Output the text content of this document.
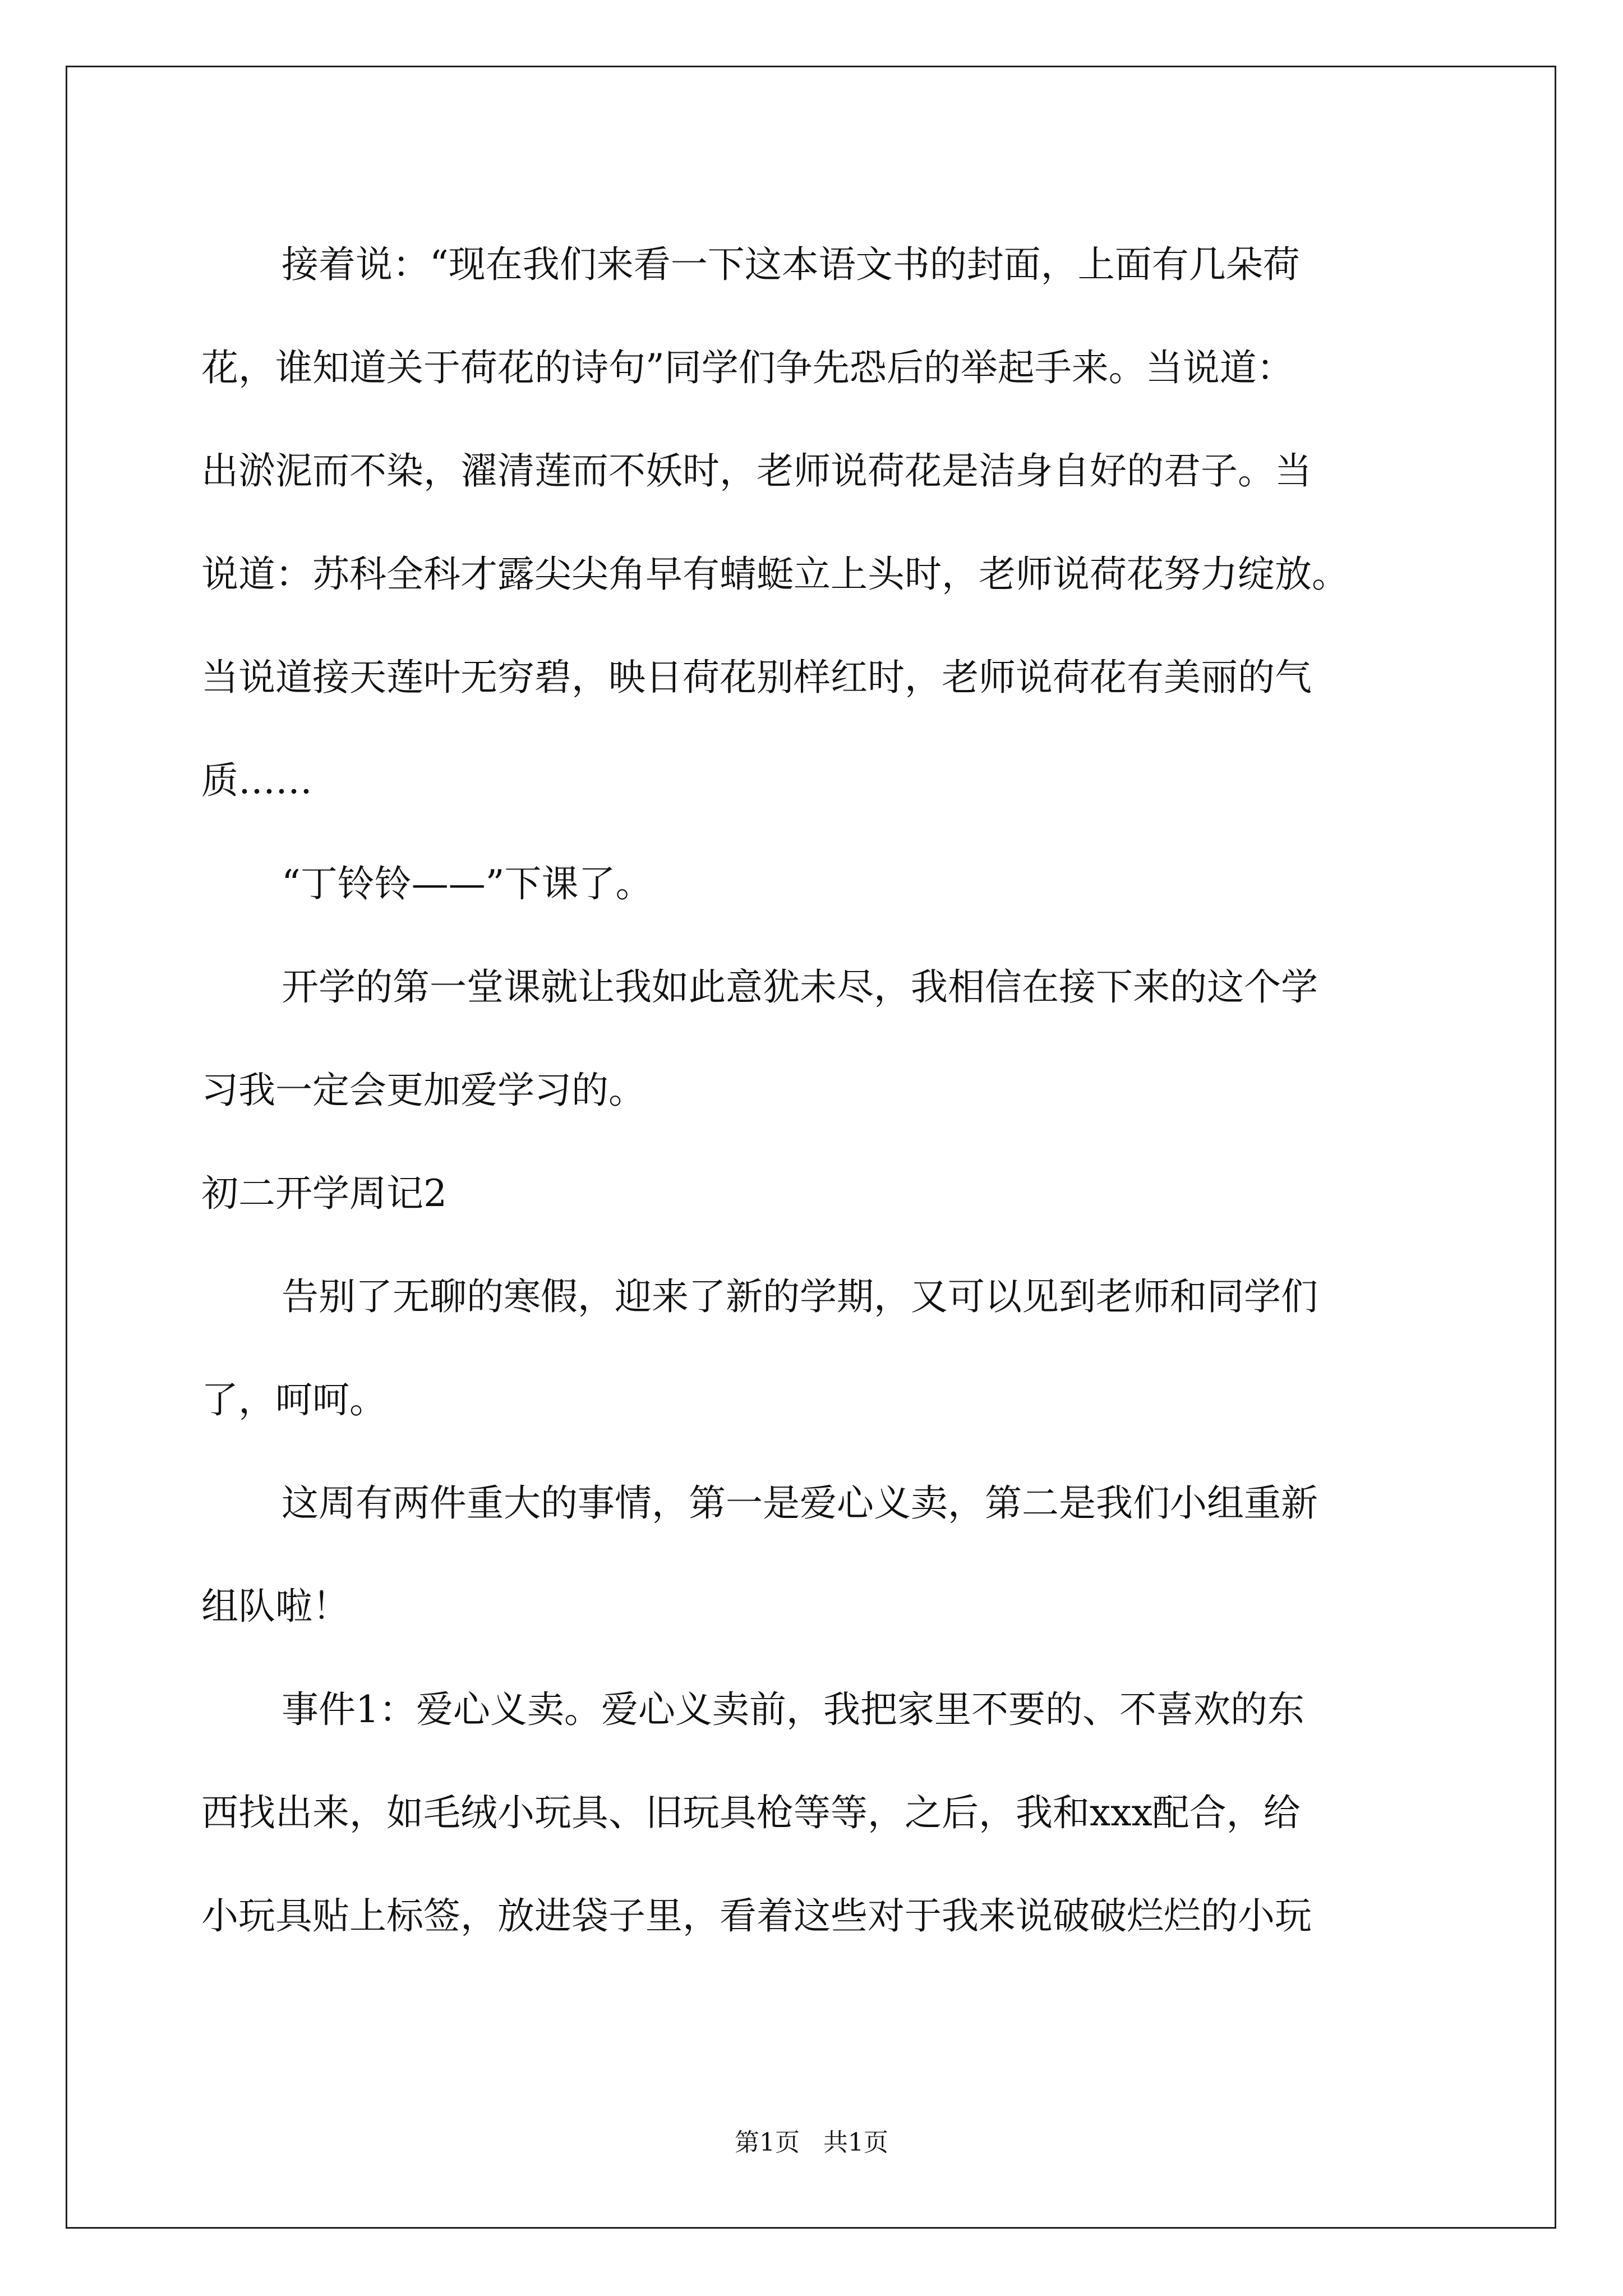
接着说：“现在我们来看一下这本语文书的封面，上面有几朵荷
花，谁知道关于荷花的诗句”同学们争先恐后的举起手来。当说道：
出淤泥而不染，濯清莲而不妖时，老师说荷花是洁身自好的君子。当
说道：苏科全科才露尖尖角早有蜻蜓立上头时，老师说荷花努力绽放。
当说道接天莲叶无穷碧，映日荷花别样红时，老师说荷花有美丽的气
质……

“丁铃铃——”下课了。

开学的第一堂课就让我如此意犹未尽，我相信在接下来的这个学
习我一定会更加爱学习的。

初二开学周记2

告别了无聊的寒假，迎来了新的学期，又可以见到老师和同学们
了，呵呵。

这周有两件重大的事情，第一是爱心义卖，第二是我们小组重新
组队啦！

事件1：爱心义卖。爱心义卖前，我把家里不要的、不喜欢的东
西找出来，如毛绒小玩具、旧玩具枪等等，之后，我和xxx配合，给
小玩具贴上标签，放进袋子里，看着这些对于我来说破破烂烂的小玩

第1页 共1页
